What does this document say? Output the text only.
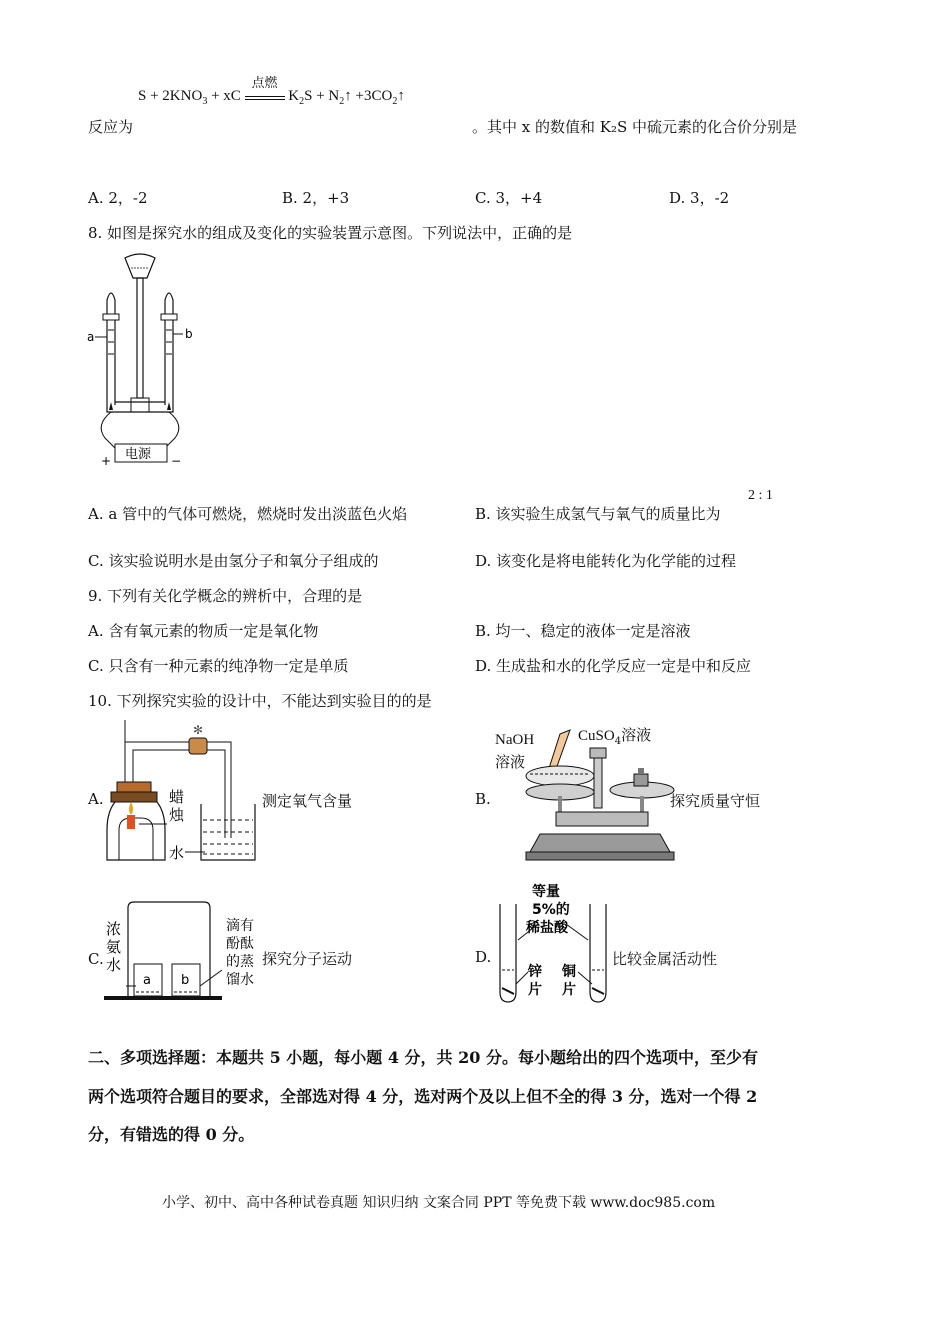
$S + 2KNO_3$ + xC
点燃
$K_2S$ + $N_2↑$ $+3CO_2↑$
反应为	。其中 x 的数值和 K₂S 中硫元素的化合价分别是
A. 2，-2	B. 2，+3	C. 3，+4	D. 3，-2
8. 如图是探究水的组成及变化的实验装置示意图。下列说法中，正确的是
a	b
电源
+	−
A. a 管中的气体可燃烧，燃烧时发出淡蓝色火焰	B. 该实验生成氢气与氧气的质量比为
2 : 1
C. 该实验说明水是由氢分子和氧分子组成的	D. 该变化是将电能转化为化学能的过程
9. 下列有关化学概念的辨析中，合理的是
A. 含有氧元素的物质一定是氧化物	B. 均一、稳定的液体一定是溶液
C. 只含有一种元素的纯净物一定是单质	D. 生成盐和水的化学反应一定是中和反应
10. 下列探究实验的设计中，不能达到实验目的的是
A.
✻
蜡
烛
水
测定氧气含量	B.
NaOH
溶液
CuSO$_4$溶液
探究质量守恒
C.
浓
氨
水
a b
滴有
酚酞
的蒸
馏水
探究分子运动	D.
等量
5%的
稀盐酸
锌
片
铜
片
比较金属活动性
二、多项选择题：本题共 5 小题，每小题 4 分，共 20 分。每小题给出的四个选项中，至少有
两个选项符合题目的要求，全部选对得 4 分，选对两个及以上但不全的得 3 分，选对一个得 2
分，有错选的得 0 分。
小学、初中、高中各种试卷真题 知识归纳 文案合同 PPT 等免费下载 www.doc985.com
